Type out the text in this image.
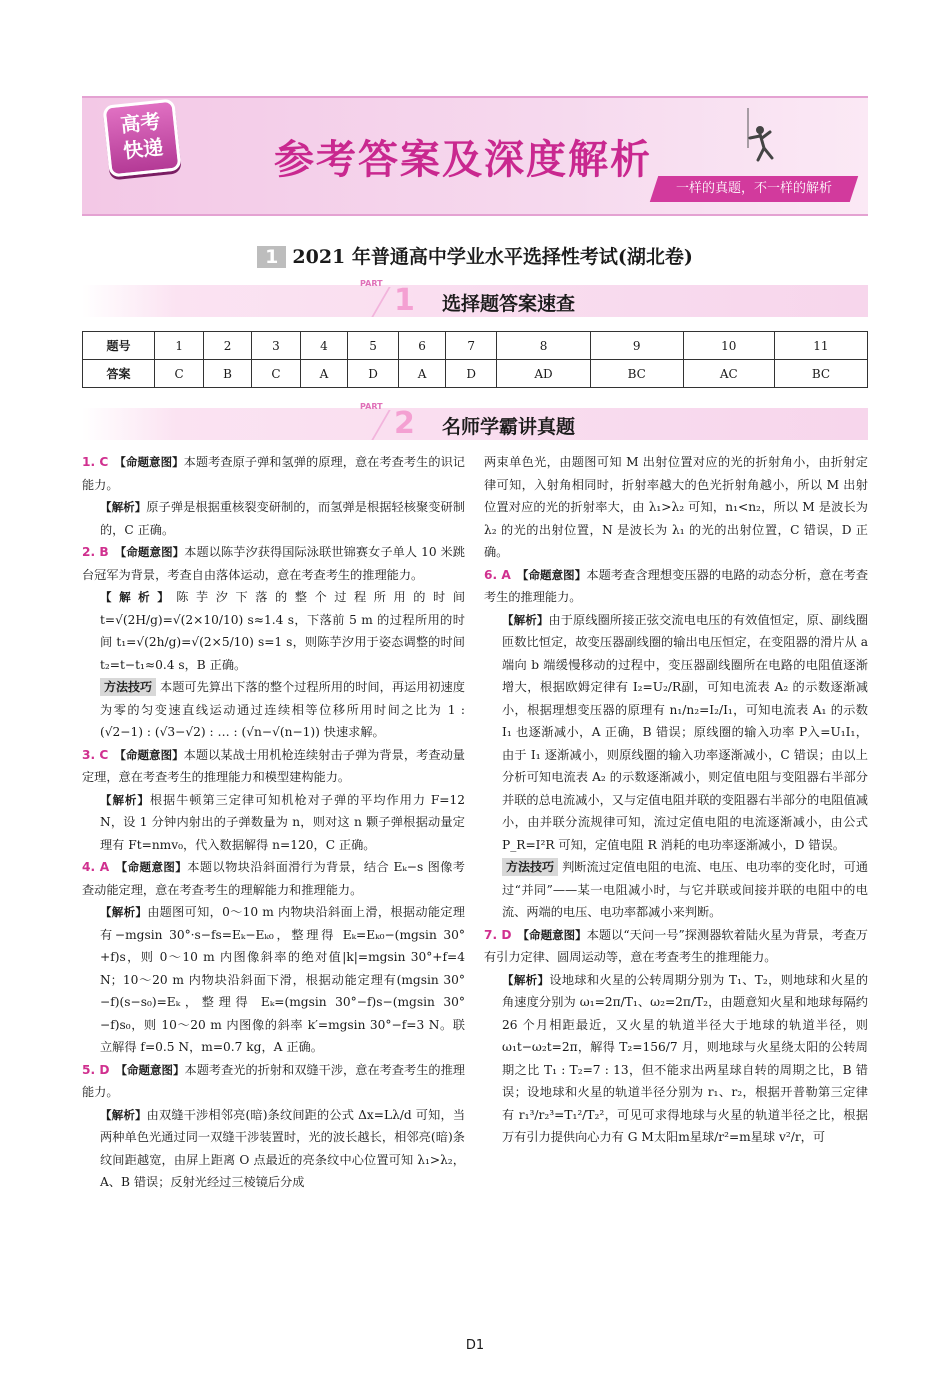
高考
快递	参考答案及深度解析
一样的真题，不一样的解析
1 2021 年普通高中学业水平选择性考试(湖北卷)
PART 1 选择题答案速查
题号	1	2	3	4	5	6	7	8	9	10	11
答案	C	B	C	A	D	A	D	AD	BC	AC	BC
PART 2 名师学霸讲真题

1. C 【命题意图】本题考查原子弹和氢弹的原理，意在考查考生的识记能力。

【解析】原子弹是根据重核裂变研制的，而氢弹是根据轻核聚变研制的，C 正确。

2. B 【命题意图】本题以陈芋汐获得国际泳联世锦赛女子单人 10 米跳台冠军为背景，考查自由落体运动，意在考查考生的推理能力。

【解析】陈芋汐下落的整个过程所用的时间 t=√(2H/g)=√(2×10/10) s≈1.4 s，下落前 5 m 的过程所用的时间 t₁=√(2h/g)=√(2×5/10) s=1 s，则陈芋汐用于姿态调整的时间 t₂=t−t₁≈0.4 s，B 正确。

方法技巧 本题可先算出下落的整个过程所用的时间，再运用初速度为零的匀变速直线运动通过连续相等位移所用时间之比为 1 : (√2−1) : (√3−√2) : … : (√n−√(n−1)) 快速求解。

3. C 【命题意图】本题以某战士用机枪连续射击子弹为背景，考查动量定理，意在考查考生的推理能力和模型建构能力。

【解析】根据牛顿第三定律可知机枪对子弹的平均作用力 F=12 N，设 1 分钟内射出的子弹数量为 n，则对这 n 颗子弹根据动量定理有 Ft=nmv₀，代入数据解得 n=120，C 正确。

4. A 【命题意图】本题以物块沿斜面滑行为背景，结合 Eₖ−s 图像考查动能定理，意在考查考生的理解能力和推理能力。

【解析】由题图可知，0～10 m 内物块沿斜面上滑，根据动能定理有−mgsin 30°·s−fs=Eₖ−Eₖ₀，整理得 Eₖ=Eₖ₀−(mgsin 30°+f)s，则 0～10 m 内图像斜率的绝对值|k|=mgsin 30°+f=4 N；10～20 m 内物块沿斜面下滑，根据动能定理有(mgsin 30°−f)(s−s₀)=Eₖ，整理得 Eₖ=(mgsin 30°−f)s−(mgsin 30°−f)s₀，则 10～20 m 内图像的斜率 k′=mgsin 30°−f=3 N。联立解得 f=0.5 N，m=0.7 kg，A 正确。

5. D 【命题意图】本题考查光的折射和双缝干涉，意在考查考生的推理能力。

【解析】由双缝干涉相邻亮(暗)条纹间距的公式 Δx=Lλ/d 可知，当两种单色光通过同一双缝干涉装置时，光的波长越长，相邻亮(暗)条纹间距越宽，由屏上距离 O 点最近的亮条纹中心位置可知 λ₁>λ₂，A、B 错误；反射光经过三棱镜后分成

两束单色光，由题图可知 M 出射位置对应的光的折射角小，由折射定律可知，入射角相同时，折射率越大的色光折射角越小，所以 M 出射位置对应的光的折射率大，由 λ₁>λ₂ 可知，n₁<n₂，所以 M 是波长为 λ₂ 的光的出射位置，N 是波长为 λ₁ 的光的出射位置，C 错误，D 正确。

6. A 【命题意图】本题考查含理想变压器的电路的动态分析，意在考查考生的推理能力。

【解析】由于原线圈所接正弦交流电电压的有效值恒定，原、副线圈匝数比恒定，故变压器副线圈的输出电压恒定，在变阻器的滑片从 a 端向 b 端缓慢移动的过程中，变压器副线圈所在电路的电阻值逐渐增大，根据欧姆定律有 I₂=U₂/R副，可知电流表 A₂ 的示数逐渐减小，根据理想变压器的原理有 n₁/n₂=I₂/I₁，可知电流表 A₁ 的示数 I₁ 也逐渐减小，A 正确，B 错误；原线圈的输入功率 P入=U₁I₁，由于 I₁ 逐渐减小，则原线圈的输入功率逐渐减小，C 错误；由以上分析可知电流表 A₂ 的示数逐渐减小，则定值电阻与变阻器右半部分并联的总电流减小，又与定值电阻并联的变阻器右半部分的电阻值减小，由并联分流规律可知，流过定值电阻的电流逐渐减小，由公式 P_R=I²R 可知，定值电阻 R 消耗的电功率逐渐减小，D 错误。

方法技巧 判断流过定值电阻的电流、电压、电功率的变化时，可通过“并同”——某一电阻减小时，与它并联或间接并联的电阻中的电流、两端的电压、电功率都减小来判断。

7. D 【命题意图】本题以“天问一号”探测器软着陆火星为背景，考查万有引力定律、圆周运动等，意在考查考生的推理能力。

【解析】设地球和火星的公转周期分别为 T₁、T₂，则地球和火星的角速度分别为 ω₁=2π/T₁、ω₂=2π/T₂，由题意知火星和地球每隔约 26 个月相距最近，又火星的轨道半径大于地球的轨道半径，则 ω₁t−ω₂t=2π，解得 T₂=156/7 月，则地球与火星绕太阳的公转周期之比 T₁ : T₂=7 : 13，但不能求出两星球自转的周期之比，B 错误；设地球和火星的轨道半径分别为 r₁、r₂，根据开普勒第三定律有 r₁³/r₂³=T₁²/T₂²，可见可求得地球与火星的轨道半径之比，根据万有引力提供向心力有 G M太阳m星球/r²=m星球 v²/r，可

D1
